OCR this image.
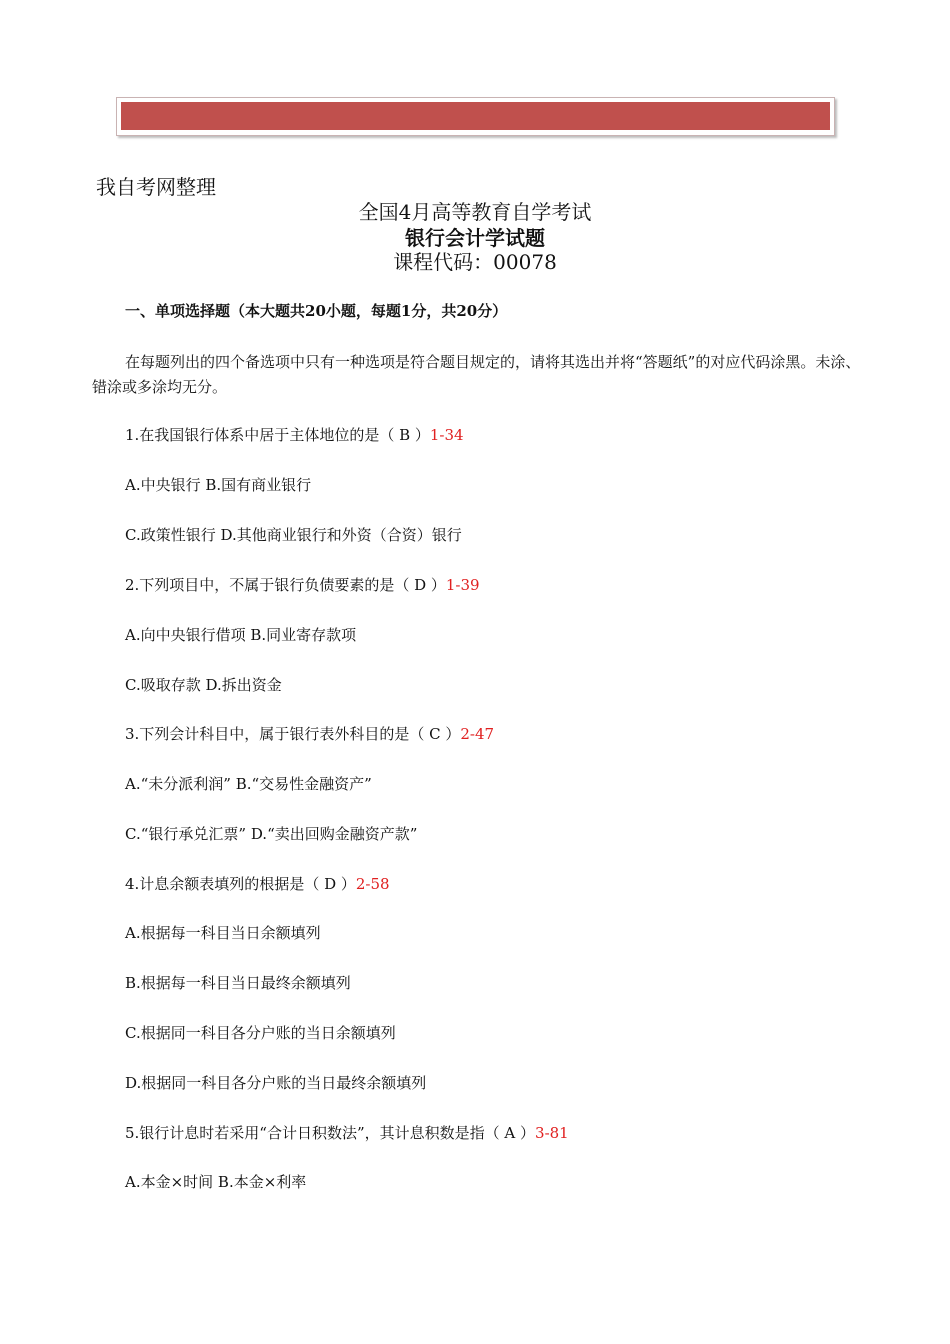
我自考网整理
全国4月高等教育自学考试
银行会计学试题
课程代码：00078
一、单项选择题（本大题共20小题，每题1分，共20分）
在每题列出的四个备选项中只有一种选项是符合题目规定的，请将其选出并将“答题纸”的对应代码涂黑。未涂、错涂或多涂均无分。
1.在我国银行体系中居于主体地位的是（ B ）1-34
A.中央银行 B.国有商业银行
C.政策性银行 D.其他商业银行和外资（合资）银行
2.下列项目中，不属于银行负债要素的是（ D ）1-39
A.向中央银行借项 B.同业寄存款项
C.吸取存款 D.拆出资金
3.下列会计科目中，属于银行表外科目的是（ C ）2-47
A.“未分派利润” B.“交易性金融资产”
C.“银行承兑汇票” D.“卖出回购金融资产款”
4.计息余额表填列的根据是（ D ）2-58
A.根据每一科目当日余额填列
B.根据每一科目当日最终余额填列
C.根据同一科目各分户账的当日余额填列
D.根据同一科目各分户账的当日最终余额填列
5.银行计息时若采用“合计日积数法”，其计息积数是指（ A ）3-81
A.本金×时间 B.本金×利率
